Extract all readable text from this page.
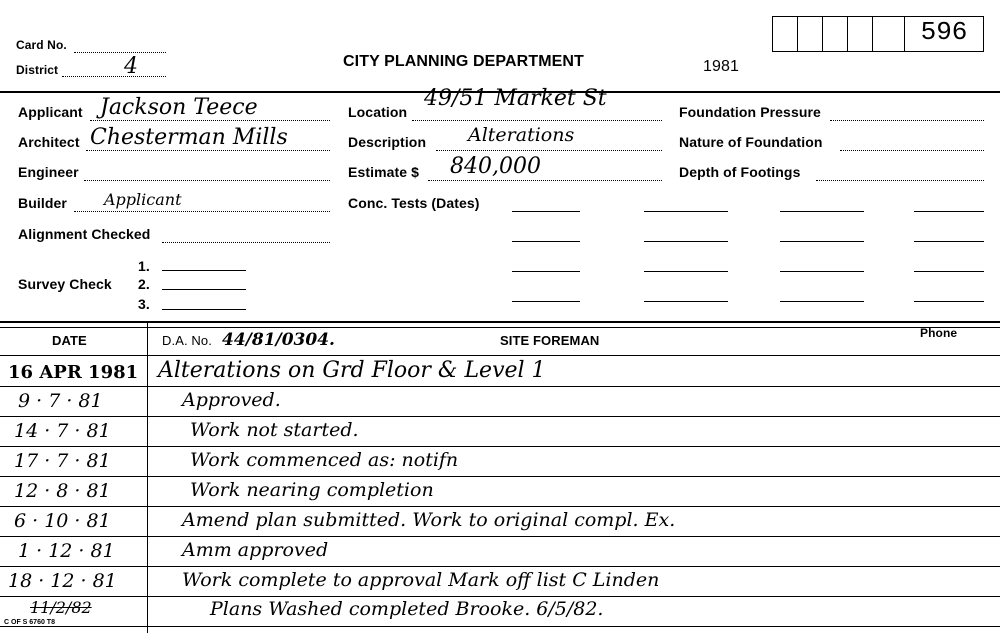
Card No.
District	4	CITY PLANNING DEPARTMENT	1981
596
Applicant Jackson Teece
Architect Chesterman Mills
Engineer
Builder Applicant
Alignment Checked
Survey Check
1.
2.
3.
Location
49/51 Market St
Description Alterations
Estimate $ 840,000
Conc. Tests (Dates)
Foundation Pressure
Nature of Foundation
Depth of Footings
DATE	D.A. No. 44/81/0304.	SITE FOREMAN	Phone
16 APR 1981 Alterations on Grd Floor & Level 1
9 · 7 · 81	Approved.
14 · 7 · 81	Work not started.
17 · 7 · 81	Work commenced as: notifn
12 · 8 · 81	Work nearing completion
6 · 10 · 81	Amend plan submitted. Work to original compl. Ex.
1 · 12 · 81	Amm approved
18 · 12 · 81	Work complete to approval Mark off list C Linden
11/2/82	Plans Washed completed Brooke. 6/5/82.
C OF S 6760 T8
